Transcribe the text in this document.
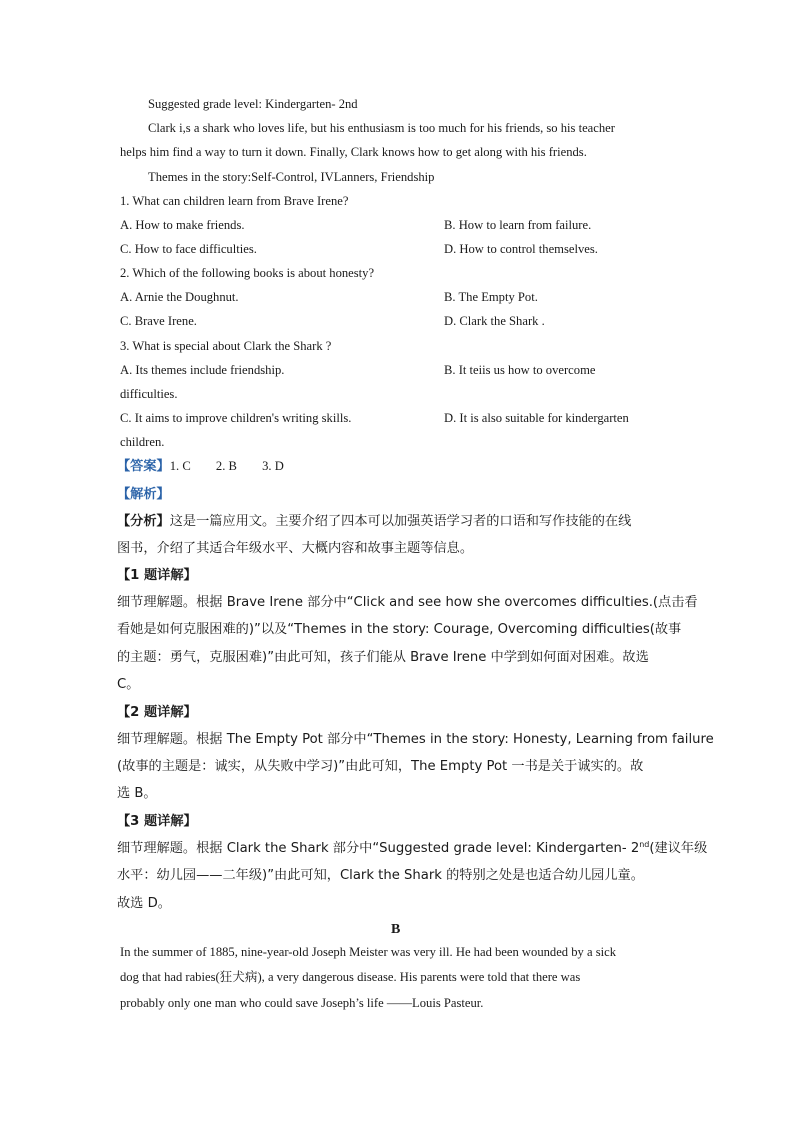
Suggested grade level: Kindergarten- 2nd
Clark i,s a shark who loves life, but his enthusiasm is too much for his friends, so his teacher
helps him find a way to turn it down. Finally, Clark knows how to get along with his friends.
Themes in the story:Self-Control, IVLanners, Friendship
1. What can children learn from Brave Irene?
A. How to make friends.	B. How to learn from failure.
C. How to face difficulties.	D. How to control themselves.
2. Which of the following books is about honesty?
A. Arnie the Doughnut.	B. The Empty Pot.
C. Brave Irene.	D. Clark the Shark .
3. What is special about Clark the Shark ?
A. Its themes include friendship.	B. It teiis us how to overcome
difficulties.
C. It aims to improve children's writing skills.	D. It is also suitable for kindergarten
children.
【答案】1. C        2. B        3. D
【解析】
【分析】这是一篇应用文。主要介绍了四本可以加强英语学习者的口语和写作技能的在线
图书，介绍了其适合年级水平、大概内容和故事主题等信息。
【1 题详解】
细节理解题。根据 Brave Irene 部分中“Click and see how she overcomes difficulties.(点击看
看她是如何克服困难的)”以及“Themes in the story: Courage, Overcoming difficulties(故事
的主题：勇气，克服困难)”由此可知，孩子们能从 Brave Irene 中学到如何面对困难。故选
C。
【2 题详解】
细节理解题。根据 The Empty Pot 部分中“Themes in the story: Honesty, Learning from failure
(故事的主题是：诚实，从失败中学习)”由此可知，The Empty Pot 一书是关于诚实的。故
选 B。
【3 题详解】
细节理解题。根据 Clark the Shark 部分中“Suggested grade level: Kindergarten- 2nd(建议年级
水平：幼儿园——二年级)”由此可知，Clark the Shark 的特别之处是也适合幼儿园儿童。
故选 D。
B
In the summer of 1885, nine-year-old Joseph Meister was very ill. He had been wounded by a sick
dog that had rabies(狂犬病), a very dangerous disease. His parents were told that there was
probably only one man who could save Joseph’s life ——Louis Pasteur.
